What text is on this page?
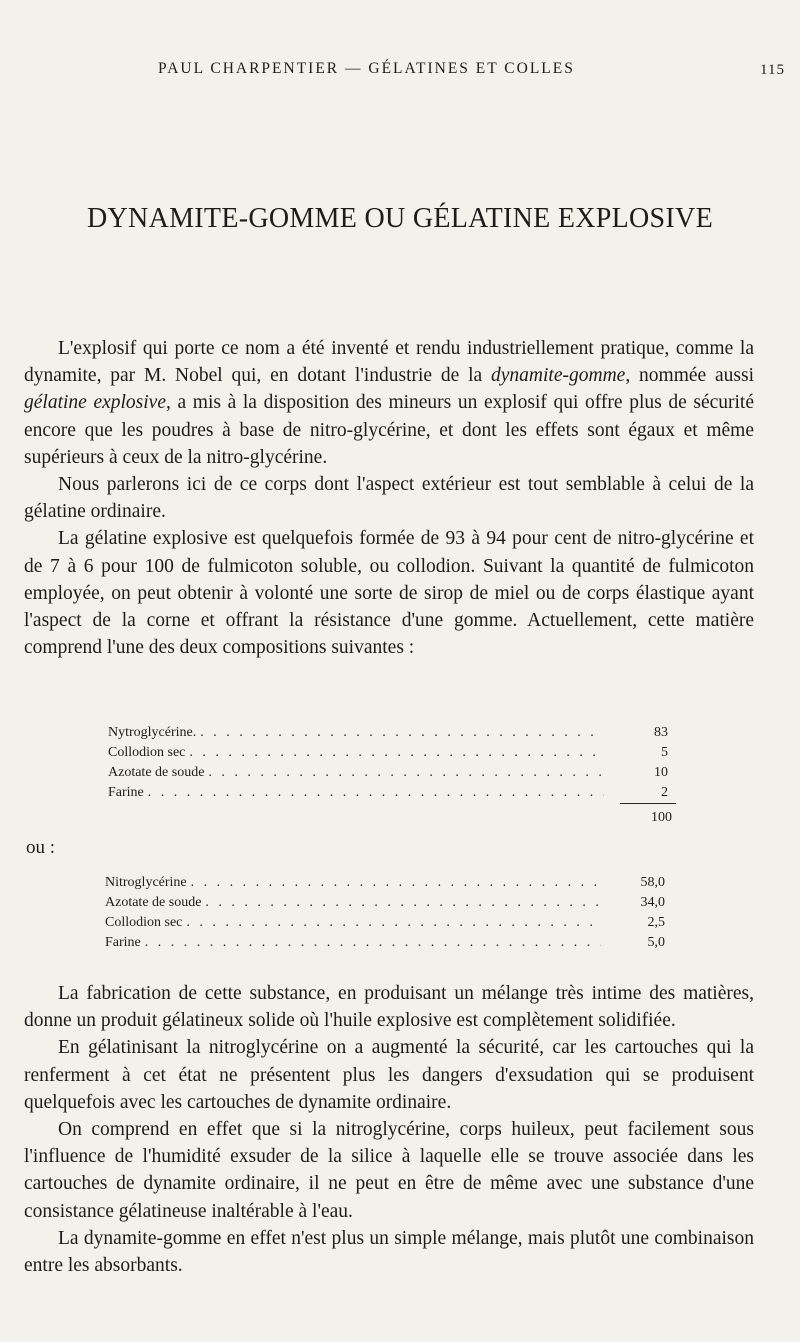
PAUL CHARPENTIER — GÉLATINES ET COLLES	115
DYNAMITE-GOMME OU GÉLATINE EXPLOSIVE

L'explosif qui porte ce nom a été inventé et rendu industriellement pratique, comme la dynamite, par M. Nobel qui, en dotant l'industrie de la dynamite-gomme, nommée aussi gélatine explosive, a mis à la disposition des mineurs un explosif qui offre plus de sécurité encore que les poudres à base de nitro-glycérine, et dont les effets sont égaux et même supérieurs à ceux de la nitro-glycérine.

Nous parlerons ici de ce corps dont l'aspect extérieur est tout semblable à celui de la gélatine ordinaire.

La gélatine explosive est quelquefois formée de 93 à 94 pour cent de nitro-glycérine et de 7 à 6 pour 100 de fulmicoton soluble, ou collodion. Suivant la quantité de fulmicoton employée, on peut obtenir à volonté une sorte de sirop de miel ou de corps élastique ayant l'aspect de la corne et offrant la résistance d'une gomme. Actuellement, cette matière comprend l'une des deux compositions suivantes :

Nytroglycérine. . . .	83
Collodion sec . . .	5
Azotate de soude . . .	10
Farine . . .	2
100
ou :
Nitroglycérine . . .	58,0
Azotate de soude . . .	34,0
Collodion sec . . .	2,5
Farine . . .	5,0

La fabrication de cette substance, en produisant un mélange très intime des matières, donne un produit gélatineux solide où l'huile explosive est complètement solidifiée.

En gélatinisant la nitroglycérine on a augmenté la sécurité, car les cartouches qui la renferment à cet état ne présentent plus les dangers d'exsudation qui se produisent quelquefois avec les cartouches de dynamite ordinaire.

On comprend en effet que si la nitroglycérine, corps huileux, peut facilement sous l'influence de l'humidité exsuder de la silice à laquelle elle se trouve associée dans les cartouches de dynamite ordinaire, il ne peut en être de même avec une substance d'une consistance gélatineuse inaltérable à l'eau.

La dynamite-gomme en effet n'est plus un simple mélange, mais plutôt une combinaison entre les absorbants.
